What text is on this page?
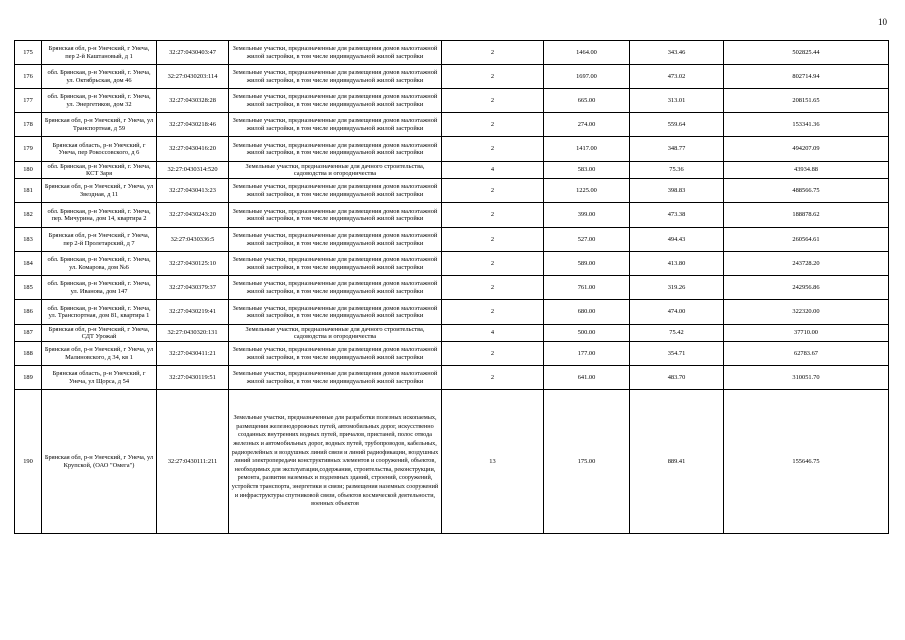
10
175	Брянская обл, р-н Унечский, г Унеча, пер 2-й Каштановый, д 1	32:27:0430403:47	Земельные участки, предназначенные для размещения домов малоэтажной жилой застройки, в том числе индивидуальной жилой застройки	2	1464.00	343.46	502825.44
176	обл. Брянская, р-н Унечский, г. Унеча, ул. Октябрьская, дом 46	32:27:0430203:114	Земельные участки, предназначенные для размещения домов малоэтажной жилой застройки, в том числе индивидуальной жилой застройки	2	1697.00	473.02	802714.94
177	обл. Брянская, р-н Унечский, г. Унеча, ул. Энергетиков, дом 32	32:27:0430328:28	Земельные участки, предназначенные для размещения домов малоэтажной жилой застройки, в том числе индивидуальной жилой застройки	2	665.00	313.01	208151.65
178	Брянская обл, р-н Унечский, г Унеча, ул Транспортная, д 59	32:27:0430218:46	Земельные участки, предназначенные для размещения домов малоэтажной жилой застройки, в том числе индивидуальной жилой застройки	2	274.00	559.64	153341.36
179	Брянская область, р-н Унечский, г Унеча, пер Рокоссовского, д 6	32:27:0430416:20	Земельные участки, предназначенные для размещения домов малоэтажной жилой застройки, в том числе индивидуальной жилой застройки	2	1417.00	348.77	494207.09
180	обл. Брянская, р-н Унечский, г. Унеча, КСТ Заря	32:27:0430314:520	Земельные участки, предназначенные для дачного строительства, садоводства и огородничества	4	583.00	75.36	43934.88
181	Брянская обл, р-н Унечский, г Унеча, ул Звездная, д 11	32:27:0430413:23	Земельные участки, предназначенные для размещения домов малоэтажной жилой застройки, в том числе индивидуальной жилой застройки	2	1225.00	398.83	488566.75
182	обл. Брянская, р-н Унечский, г. Унеча, пер. Мичурина, дом 14, квартира 2	32:27:0430243:20	Земельные участки, предназначенные для размещения домов малоэтажной жилой застройки, в том числе индивидуальной жилой застройки	2	399.00	473.38	188878.62
183	Брянская обл, р-н Унечский, г Унеча, пер 2-й Пролетарский, д 7	32:27:0430336:5	Земельные участки, предназначенные для размещения домов малоэтажной жилой застройки, в том числе индивидуальной жилой застройки	2	527.00	494.43	260564.61
184	обл. Брянская, р-н Унечский, г. Унеча, ул. Комарова, дом №6	32:27:0430125:10	Земельные участки, предназначенные для размещения домов малоэтажной жилой застройки, в том числе индивидуальной жилой застройки	2	589.00	413.80	243728.20
185	обл. Брянская, р-н Унечский, г. Унеча, ул. Иванова, дом 147	32:27:0430379:37	Земельные участки, предназначенные для размещения домов малоэтажной жилой застройки, в том числе индивидуальной жилой застройки	2	761.00	319.26	242956.86
186	обл. Брянская, р-н Унечский, г. Унеча, ул. Транспортная, дом 81, квартира 1	32:27:0430219:41	Земельные участки, предназначенные для размещения домов малоэтажной жилой застройки, в том числе индивидуальной жилой застройки	2	680.00	474.00	322320.00
187	Брянская обл, р-н Унечский, г Унеча, СДТ Урожай	32:27:0430320:131	Земельные участки, предназначенные для дачного строительства, садоводства и огородничества	4	500.00	75.42	37710.00
188	Брянская обл, р-н Унечский, г Унеча, ул Малиновского, д 34, кв 1	32:27:0430411:21	Земельные участки, предназначенные для размещения домов малоэтажной жилой застройки, в том числе индивидуальной жилой застройки	2	177.00	354.71	62783.67
189	Брянская область, р-н Унечский, г Унеча, ул Щорса, д 54	32:27:0430119:51	Земельные участки, предназначенные для размещения домов малоэтажной жилой застройки, в том числе индивидуальной жилой застройки	2	641.00	483.70	310051.70
190	Брянская обл, р-н Унечский, г Унеча, ул Крупской, (ОАО "Омега")	32:27:0430111:211	Земельные участки, предназначенные для разработки полезных ископаемых, размещения железнодорожных путей, автомобильных дорог, искусственно созданных внутренних водных путей, причалов, пристаней, полос отвода железных и автомобильных дорог, водных путей, трубопроводов, кабельных, радиорелейных и воздушных линий связи и линий радиофикации, воздушных линий электропередачи конструктивных элементов и сооружений, объектов, необходимых для эксплуатации,содержания, строительства, реконструкции, ремонта, развития наземных и подземных зданий, строений, сооружений, устройств транспорта, энергетики и связи; размещения наземных сооружений и инфраструктуры спутниковой связи, объектов космической деятельности, военных объектов	13	175.00	889.41	155646.75
